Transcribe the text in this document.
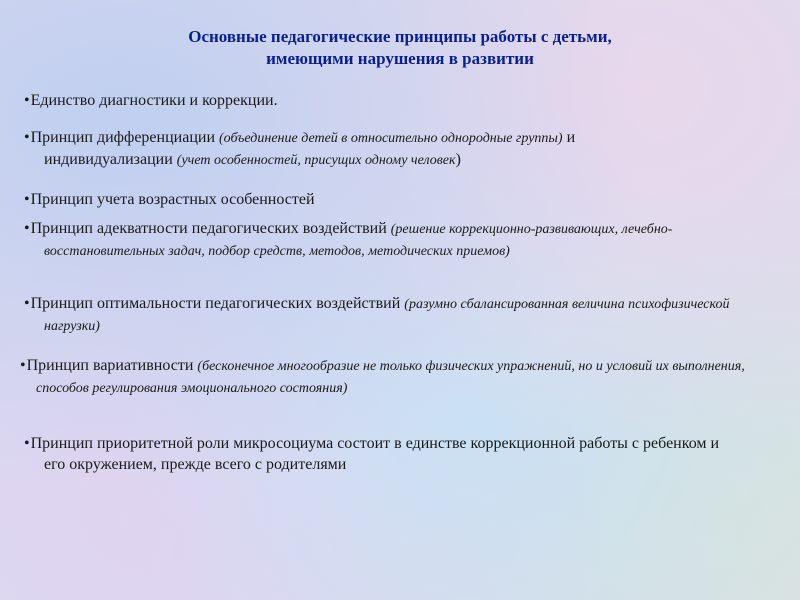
Основные педагогические принципы работы с детьми,
имеющими нарушения в развитии
•Единство диагностики и коррекции.
•Принцип дифференциации (объединение детей в относительно однородные группы) и
индивидуализации (учет особенностей, присущих одному человек)
•Принцип учета возрастных особенностей
•Принцип адекватности педагогических воздействий (решение коррекционно-развивающих, лечебно-восстановительных задач, подбор средств, методов, методических приемов)
•Принцип оптимальности педагогических воздействий (разумно сбалансированная величина психофизической нагрузки)
•Принцип вариативности (бесконечное многообразие не только физических упражнений, но и условий их выполнения, способов регулирования эмоционального состояния)
•Принцип приоритетной роли микросоциума состоит в единстве коррекционной работы с ребенком и его окружением, прежде всего с родителями
